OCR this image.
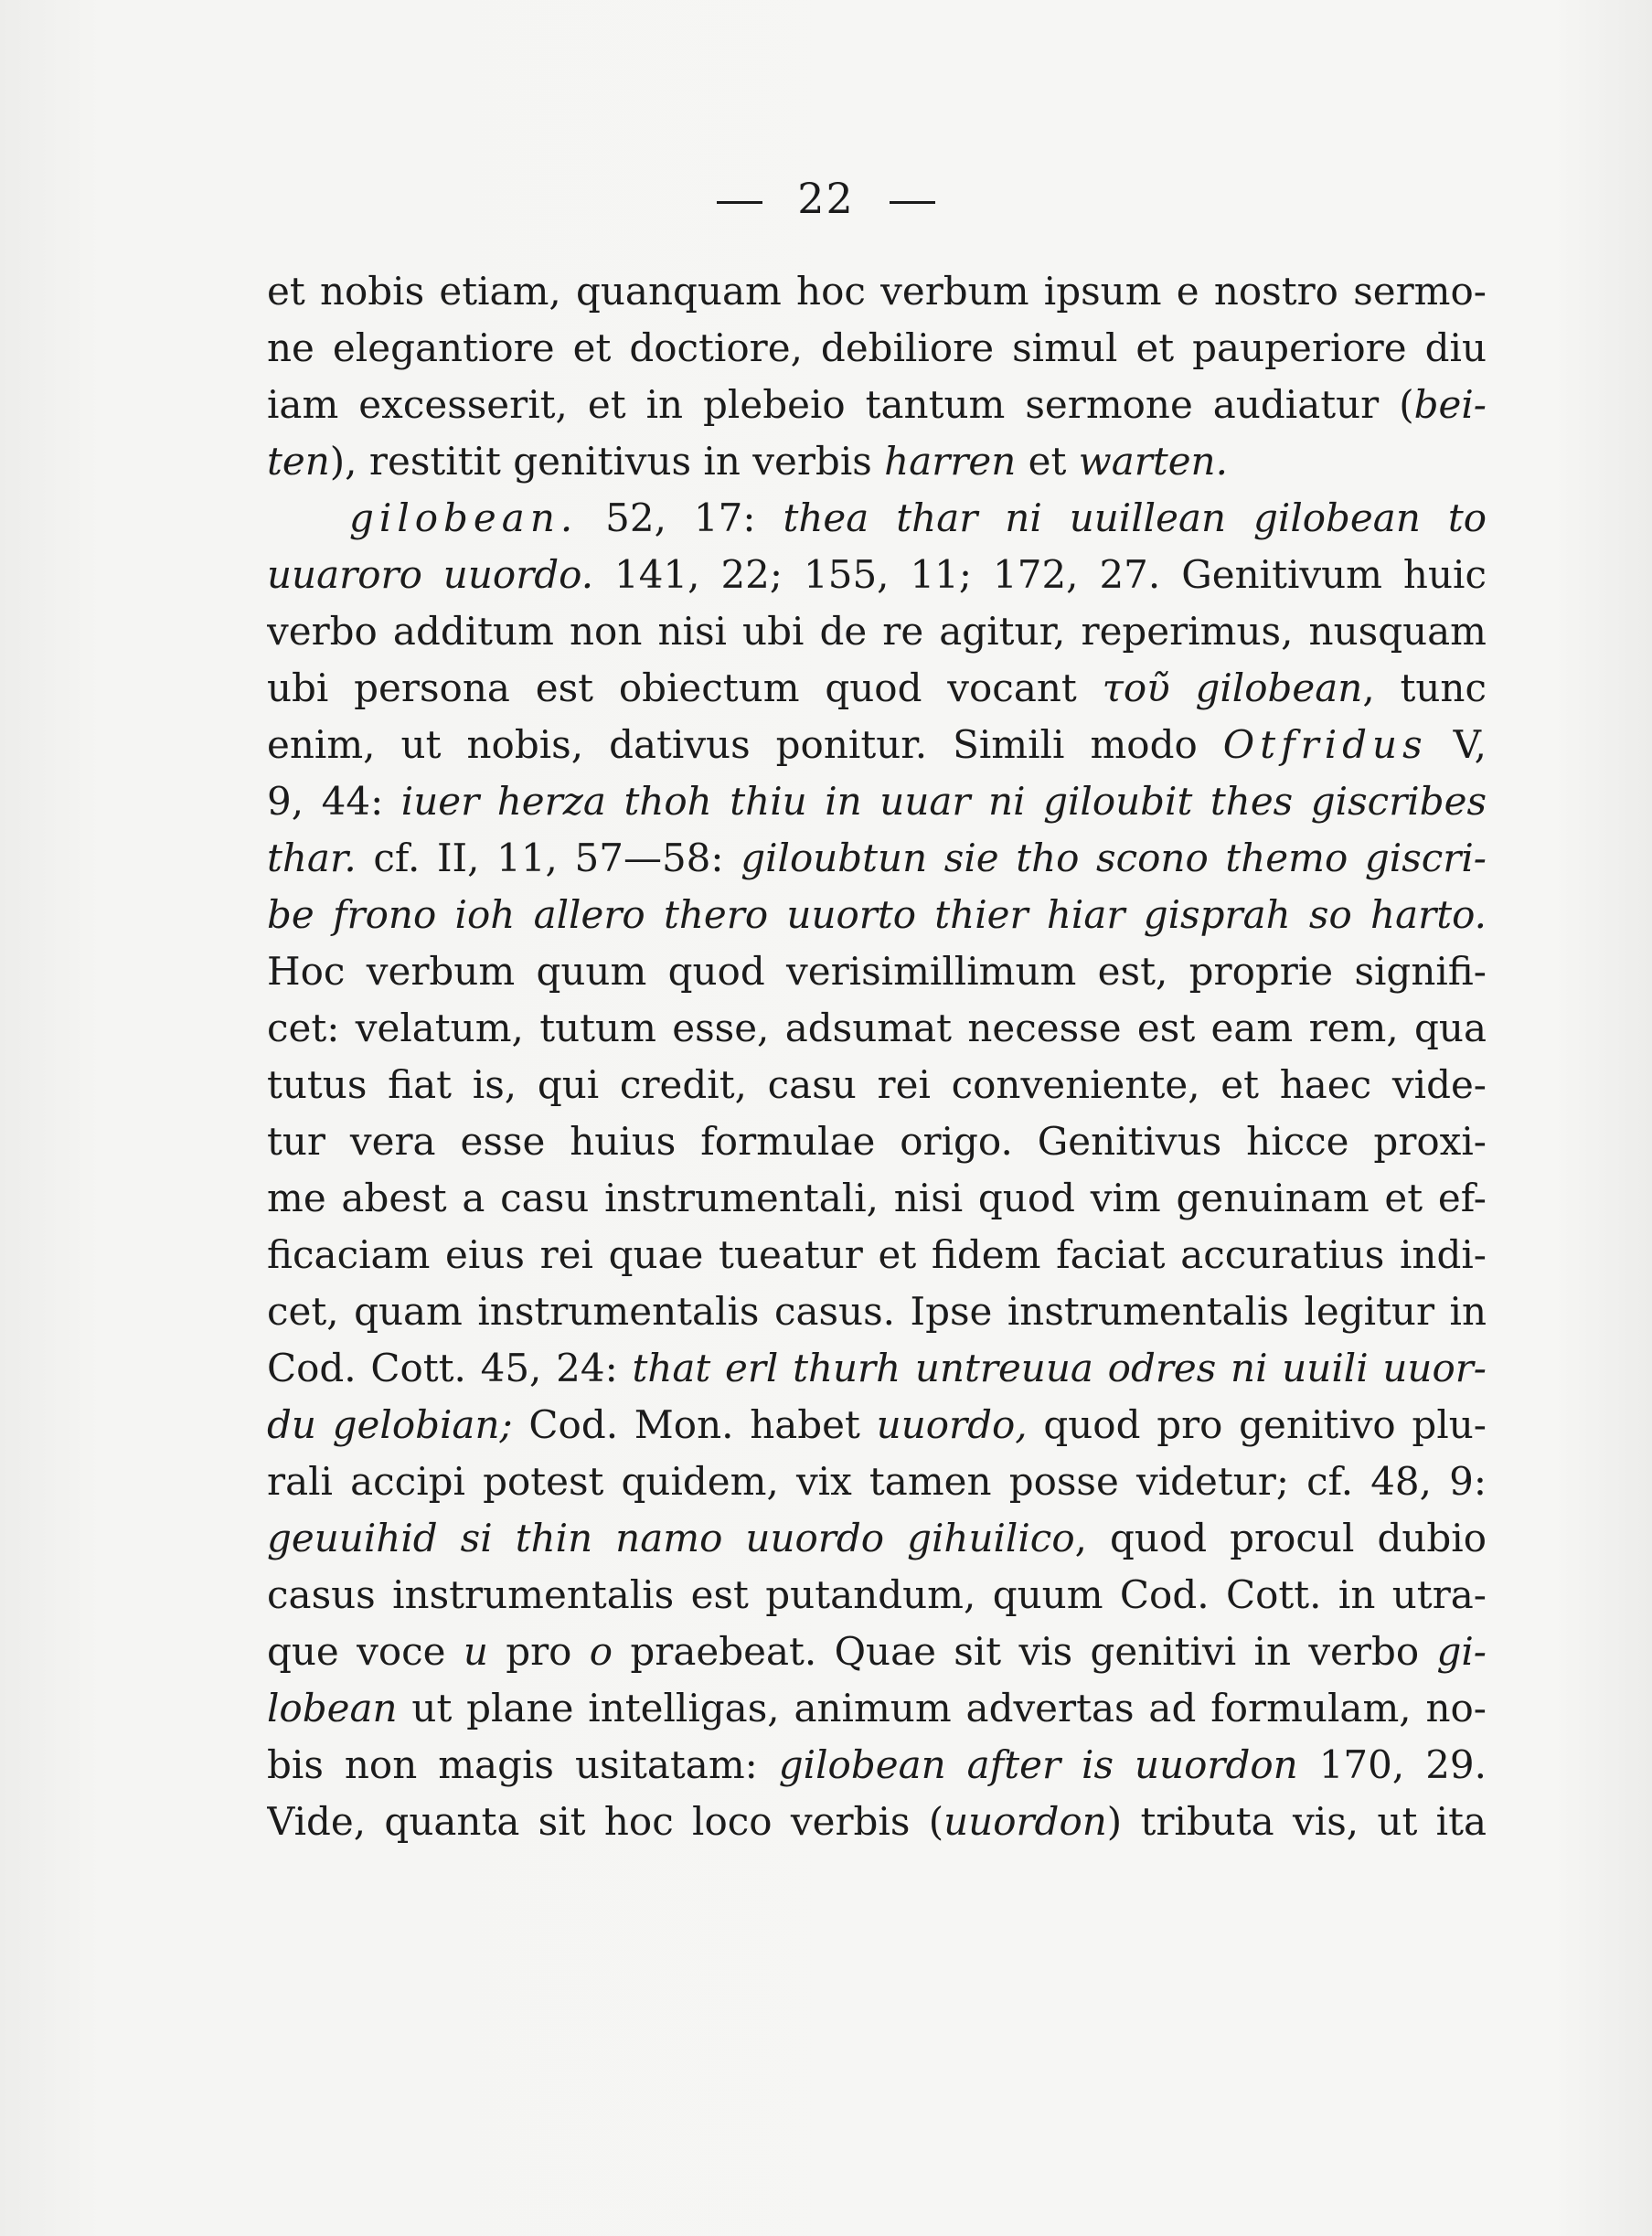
22
et nobis etiam, quanquam hoc verbum ipsum e nostro sermo-
ne elegantiore et doctiore, debiliore simul et pauperiore diu
iam excesserit, et in plebeio tantum sermone audiatur (bei-
ten), restitit genitivus in verbis harren et warten.
gilobean. 52, 17: thea thar ni uuillean gilobean to
uuaroro uuordo. 141, 22; 155, 11; 172, 27. Genitivum huic
verbo additum non nisi ubi de re agitur, reperimus, nusquam
ubi persona est obiectum quod vocant τοῦ gilobean, tunc
enim, ut nobis, dativus ponitur. Simili modo Otfridus V,
9, 44: iuer herza thoh thiu in uuar ni giloubit thes giscribes
thar. cf. II, 11, 57—58: giloubtun sie tho scono themo giscri-
be frono ioh allero thero uuorto thier hiar gisprah so harto.
Hoc verbum quum quod verisimillimum est, proprie signifi-
cet: velatum, tutum esse, adsumat necesse est eam rem, qua
tutus fiat is, qui credit, casu rei conveniente, et haec vide-
tur vera esse huius formulae origo. Genitivus hicce proxi-
me abest a casu instrumentali, nisi quod vim genuinam et ef-
ficaciam eius rei quae tueatur et fidem faciat accuratius indi-
cet, quam instrumentalis casus. Ipse instrumentalis legitur in
Cod. Cott. 45, 24: that erl thurh untreuua odres ni uuili uuor-
du gelobian; Cod. Mon. habet uuordo, quod pro genitivo plu-
rali accipi potest quidem, vix tamen posse videtur; cf. 48, 9:
geuuihid si thin namo uuordo gihuilico, quod procul dubio
casus instrumentalis est putandum, quum Cod. Cott. in utra-
que voce u pro o praebeat. Quae sit vis genitivi in verbo gi-
lobean ut plane intelligas, animum advertas ad formulam, no-
bis non magis usitatam: gilobean after is uuordon 170, 29.
Vide, quanta sit hoc loco verbis (uuordon) tributa vis, ut ita
